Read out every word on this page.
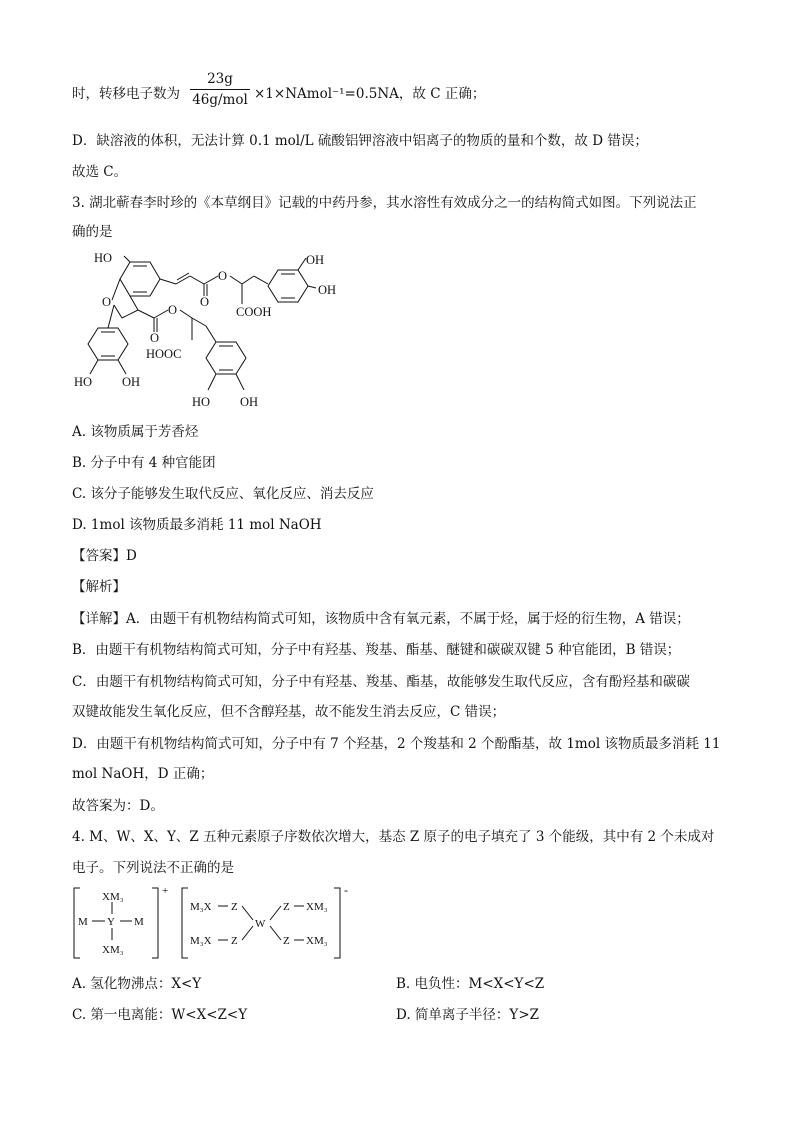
时，转移电子数为
23g
46g/mol ×1×NAmol⁻¹=0.5NA，故 C 正确；
D．缺溶液的体积，无法计算 0.1 mol/L 硫酸铝钾溶液中铝离子的物质的量和个数，故 D 错误；
故选 C。
3. 湖北蕲春李时珍的《本草纲目》记载的中药丹参，其水溶性有效成分之一的结构简式如图。下列说法正
确的是
HO	OH
OH
O
O
O
COOH
O
O
HOOC
HO OH
HO OH
A. 该物质属于芳香烃
B. 分子中有 4 种官能团
C. 该分子能够发生取代反应、氧化反应、消去反应
D. 1mol 该物质最多消耗 11 mol NaOH
【答案】D
【解析】
【详解】A．由题干有机物结构简式可知，该物质中含有氧元素，不属于烃，属于烃的衍生物，A 错误；
B．由题干有机物结构简式可知，分子中有羟基、羧基、酯基、醚键和碳碳双键 5 种官能团，B 错误；
C．由题干有机物结构简式可知，分子中有羟基、羧基、酯基，故能够发生取代反应，含有酚羟基和碳碳
双键故能发生氧化反应，但不含醇羟基，故不能发生消去反应，C 错误；
D．由题干有机物结构简式可知，分子中有 7 个羟基，2 个羧基和 2 个酚酯基，故 1mol 该物质最多消耗 11
mol NaOH，D 正确；
故答案为：D。
4. M、W、X、Y、Z 五种元素原子序数依次增大，基态 Z 原子的电子填充了 3 个能级，其中有 2 个未成对
电子。下列说法不正确的是
XM₃
M Y M
XM₃
+
M₃X Z
W
Z XM₃
M₃X Z	Z XM₃
-
A. 氢化物沸点：X<Y	B. 电负性：M<X<Y<Z
C. 第一电离能：W<X<Z<Y	D. 简单离子半径：Y>Z
